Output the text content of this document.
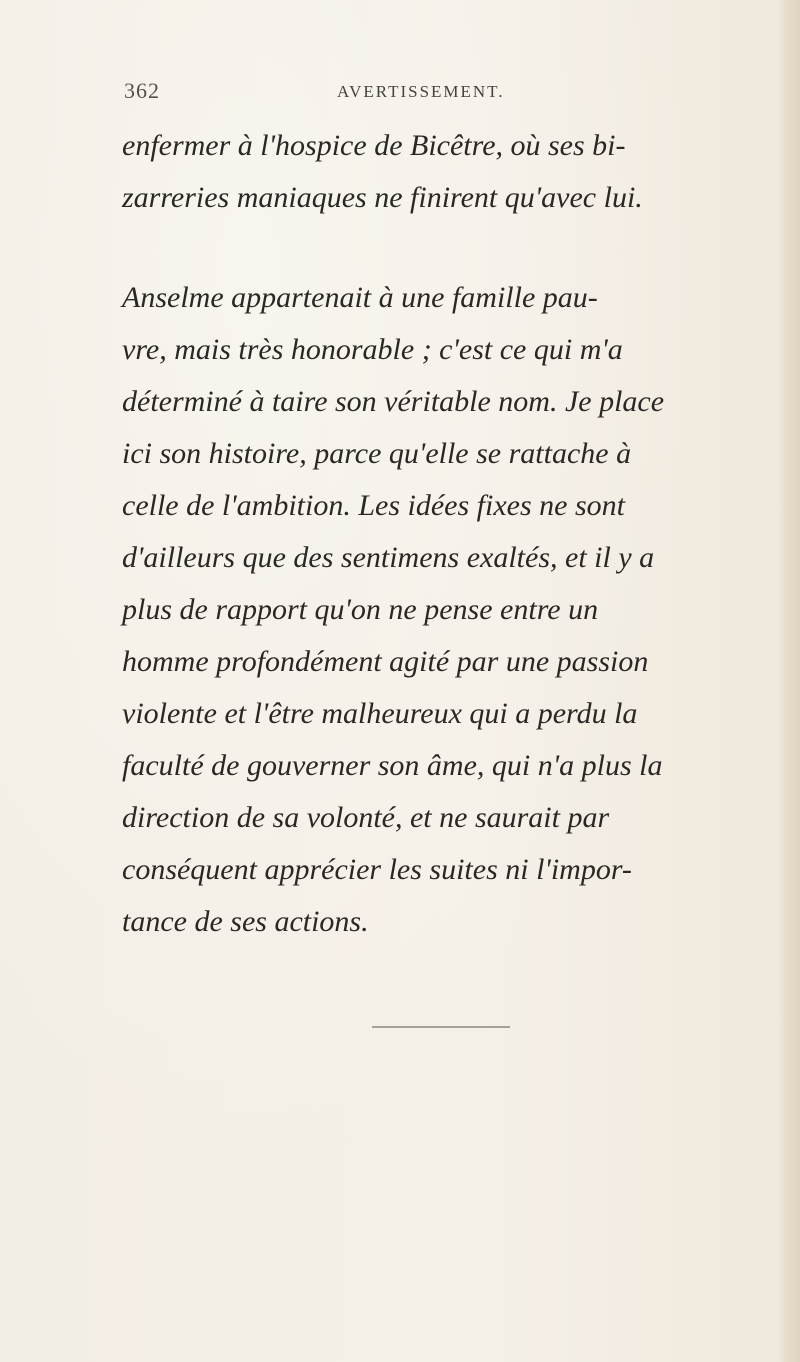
362	AVERTISSEMENT.
enfermer à l'hospice de Bicêtre, où ses bi-
zarreries maniaques ne finirent qu'avec lui.
Anselme appartenait à une famille pau-
vre, mais très honorable ; c'est ce qui m'a
déterminé à taire son véritable nom. Je place
ici son histoire, parce qu'elle se rattache à
celle de l'ambition. Les idées fixes ne sont
d'ailleurs que des sentimens exaltés, et il y a
plus de rapport qu'on ne pense entre un
homme profondément agité par une passion
violente et l'être malheureux qui a perdu la
faculté de gouverner son âme, qui n'a plus la
direction de sa volonté, et ne saurait par
conséquent apprécier les suites ni l'impor-
tance de ses actions.
